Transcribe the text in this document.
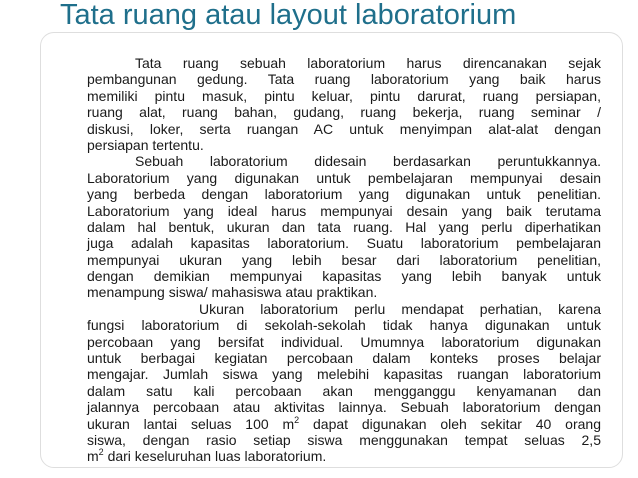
Tata ruang atau layout laboratorium
Tata ruang sebuah laboratorium harus direncanakan sejak
pembangunan gedung. Tata ruang laboratorium yang baik harus
memiliki pintu masuk, pintu keluar, pintu darurat, ruang persiapan,
ruang alat, ruang bahan, gudang, ruang bekerja, ruang seminar /
diskusi, loker, serta ruangan AC untuk menyimpan alat-alat dengan
persiapan tertentu.
Sebuah laboratorium didesain berdasarkan peruntukkannya.
Laboratorium yang digunakan untuk pembelajaran mempunyai desain
yang berbeda dengan laboratorium yang digunakan untuk penelitian.
Laboratorium yang ideal harus mempunyai desain yang baik terutama
dalam hal bentuk, ukuran dan tata ruang. Hal yang perlu diperhatikan
juga adalah kapasitas laboratorium. Suatu laboratorium pembelajaran
mempunyai ukuran yang lebih besar dari laboratorium penelitian,
dengan demikian mempunyai kapasitas yang lebih banyak untuk
menampung siswa/ mahasiswa atau praktikan.
Ukuran laboratorium perlu mendapat perhatian, karena
fungsi laboratorium di sekolah-sekolah tidak hanya digunakan untuk
percobaan yang bersifat individual. Umumnya laboratorium digunakan
untuk berbagai kegiatan percobaan dalam konteks proses belajar
mengajar. Jumlah siswa yang melebihi kapasitas ruangan laboratorium
dalam satu kali percobaan akan mengganggu kenyamanan dan
jalannya percobaan atau aktivitas lainnya. Sebuah laboratorium dengan
ukuran lantai seluas 100 $m^2$ dapat digunakan oleh sekitar 40 orang
siswa, dengan rasio setiap siswa menggunakan tempat seluas 2,5
$m^2$ dari keseluruhan luas laboratorium.
